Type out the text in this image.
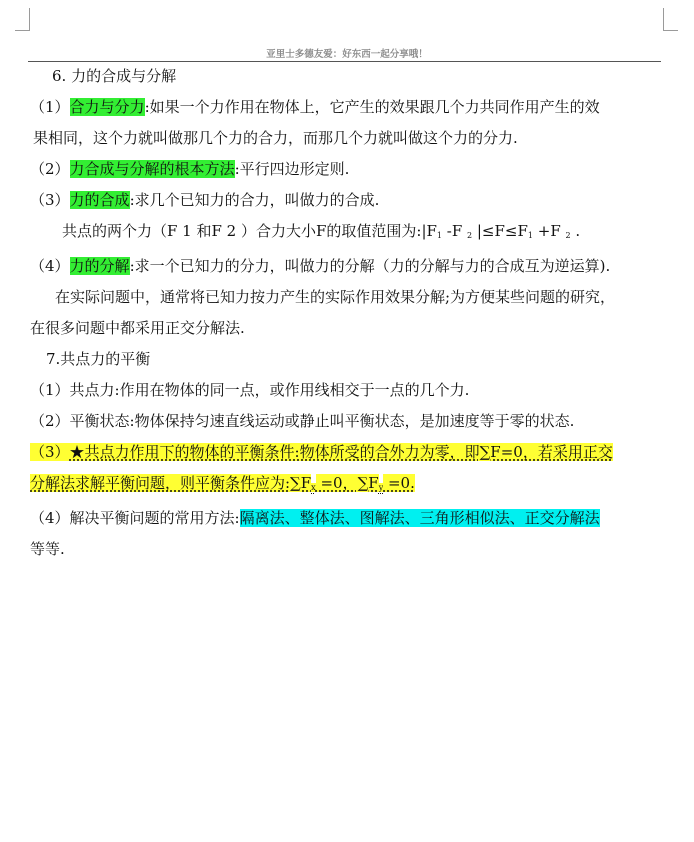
亚里士多德友爱：好东西一起分享哦！

6. 力的合成与分解

（1）合力与分力:如果一个力作用在物体上，它产生的效果跟几个力共同作用产生的效

果相同，这个力就叫做那几个力的合力，而那几个力就叫做这个力的分力.

（2）力合成与分解的根本方法:平行四边形定则.

（3）力的合成:求几个已知力的合力，叫做力的合成.

共点的两个力（F 1 和F 2 ）合力大小F的取值范围为$:|F_1$ -F $_2$ $|\le F\le F_1 +F$ $_2$ .

（4）力的分解:求一个已知力的分力，叫做力的分解（力的分解与力的合成互为逆运算).

在实际问题中，通常将已知力按力产生的实际作用效果分解;为方便某些问题的研究，

在很多问题中都采用正交分解法.

7.共点力的平衡

（1）共点力:作用在物体的同一点，或作用线相交于一点的几个力.

（2）平衡状态:物体保持匀速直线运动或静止叫平衡状态，是加速度等于零的状态.

（3）★共点力作用下的物体的平衡条件:物体所受的合外力为零，即∑F=0，若采用正交

分解法求解平衡问题，则平衡条件应为$:\sum F_x =0$，$\sum F_y =0$.

（4）解决平衡问题的常用方法:隔离法、整体法、图解法、三角形相似法、正交分解法

等等.
